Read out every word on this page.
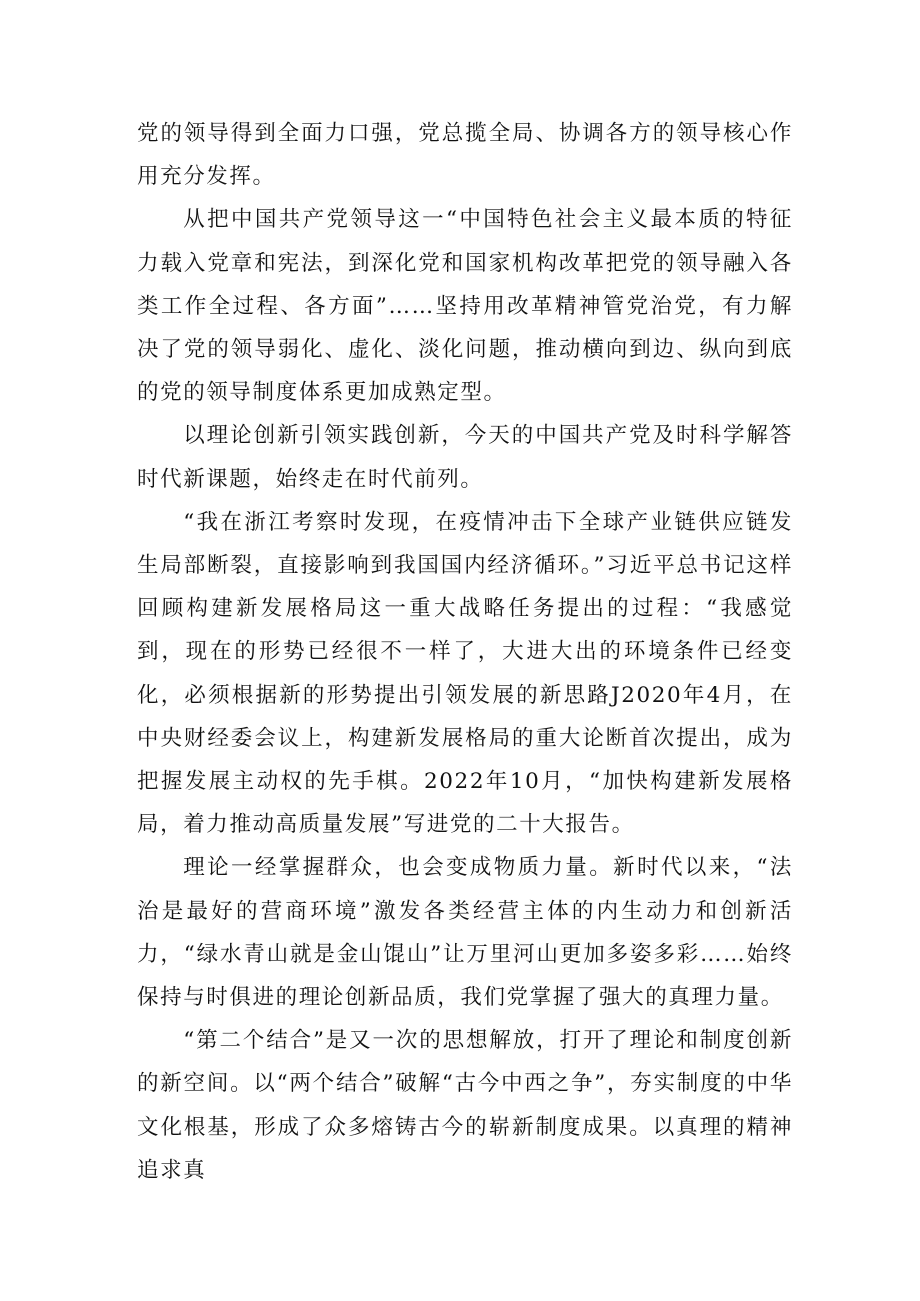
党的领导得到全面力口强，党总揽全局、协调各方的领导核心作用充分发挥。

从把中国共产党领导这一“中国特色社会主义最本质的特征力载入党章和宪法，到深化党和国家机构改革把党的领导融入各类工作全过程、各方面”……坚持用改革精神管党治党，有力解决了党的领导弱化、虚化、淡化问题，推动横向到边、纵向到底的党的领导制度体系更加成熟定型。

以理论创新引领实践创新，今天的中国共产党及时科学解答时代新课题，始终走在时代前列。

“我在浙江考察时发现，在疫情冲击下全球产业链供应链发生局部断裂，直接影响到我国国内经济循环。”习近平总书记这样回顾构建新发展格局这一重大战略任务提出的过程：“我感觉到，现在的形势已经很不一样了，大进大出的环境条件已经变化，必须根据新的形势提出引领发展的新思路J2020年4月，在中央财经委会议上，构建新发展格局的重大论断首次提出，成为把握发展主动权的先手棋。2022年10月，“加快构建新发展格局，着力推动高质量发展”写进党的二十大报告。

理论一经掌握群众，也会变成物质力量。新时代以来，“法治是最好的营商环境”激发各类经营主体的内生动力和创新活力，“绿水青山就是金山馄山”让万里河山更加多姿多彩……始终保持与时俱进的理论创新品质，我们党掌握了强大的真理力量。

“第二个结合”是又一次的思想解放，打开了理论和制度创新的新空间。以“两个结合”破解“古今中西之争”，夯实制度的中华文化根基，形成了众多熔铸古今的崭新制度成果。以真理的精神追求真
